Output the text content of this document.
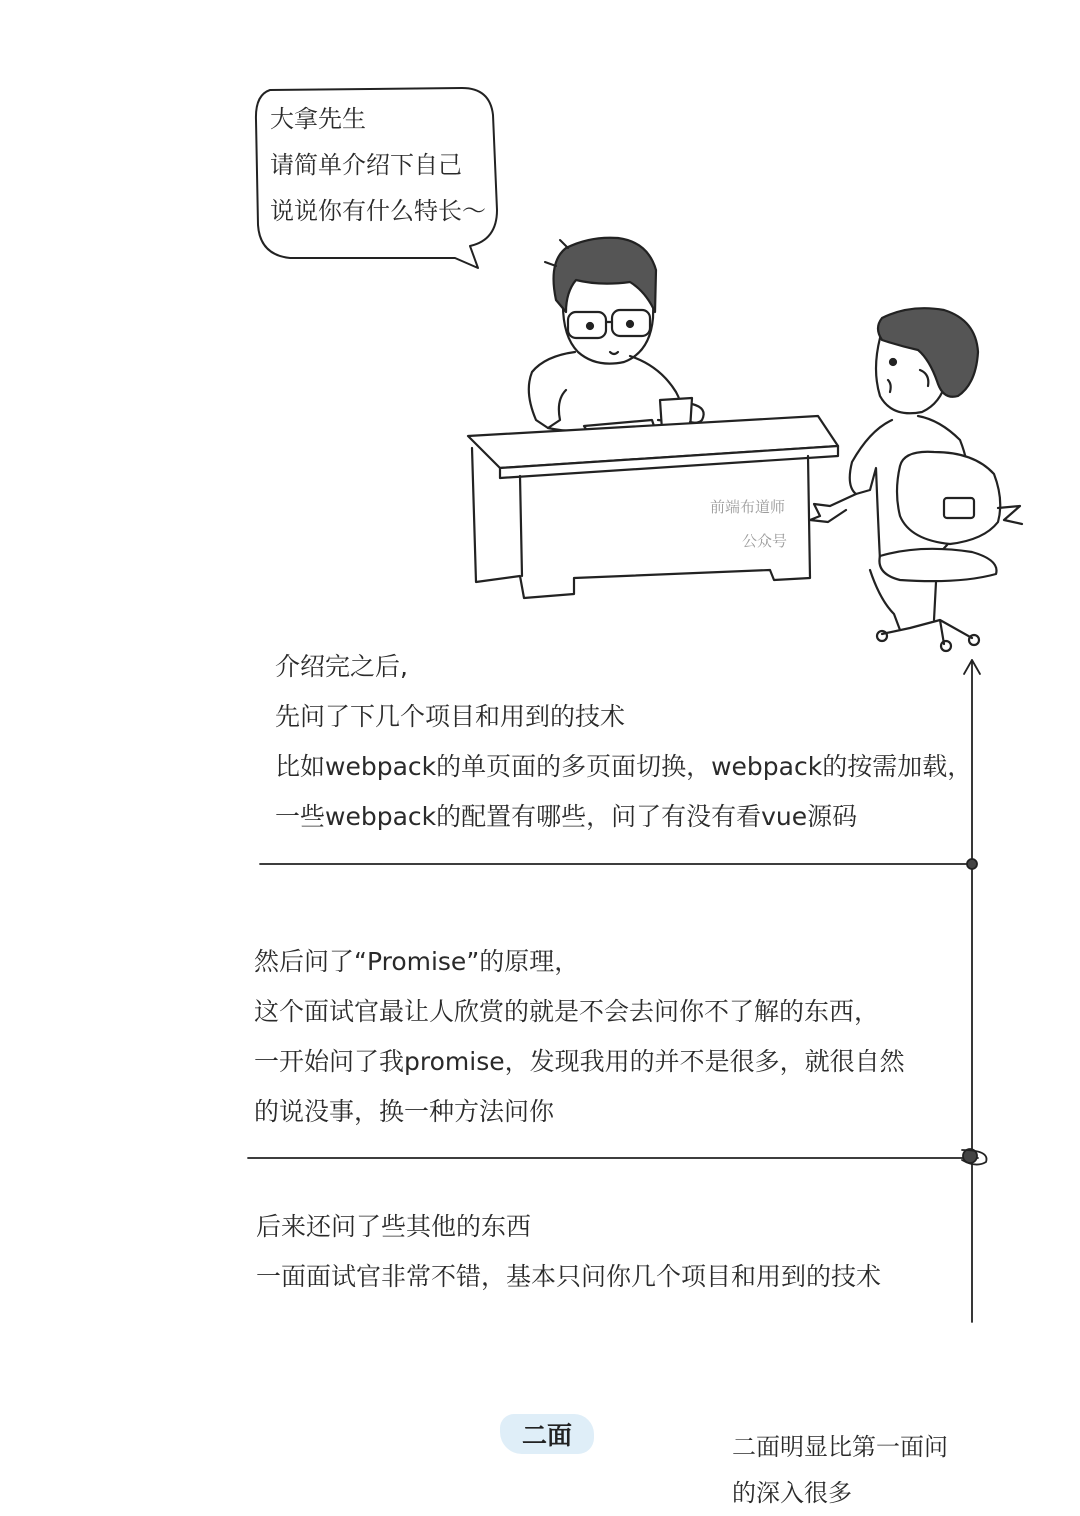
大拿先生
请简单介绍下自己
说说你有什么特长～
前端布道师
公众号
介绍完之后,
先问了下几个项目和用到的技术
比如webpack的单页面的多页面切换，webpack的按需加载，
一些webpack的配置有哪些，问了有没有看vue源码
然后问了“Promise”的原理，
这个面试官最让人欣赏的就是不会去问你不了解的东西，
一开始问了我promise，发现我用的并不是很多，就很自然
的说没事，换一种方法问你
后来还问了些其他的东西
一面面试官非常不错，基本只问你几个项目和用到的技术
二面	二面明显比第一面问
的深入很多
